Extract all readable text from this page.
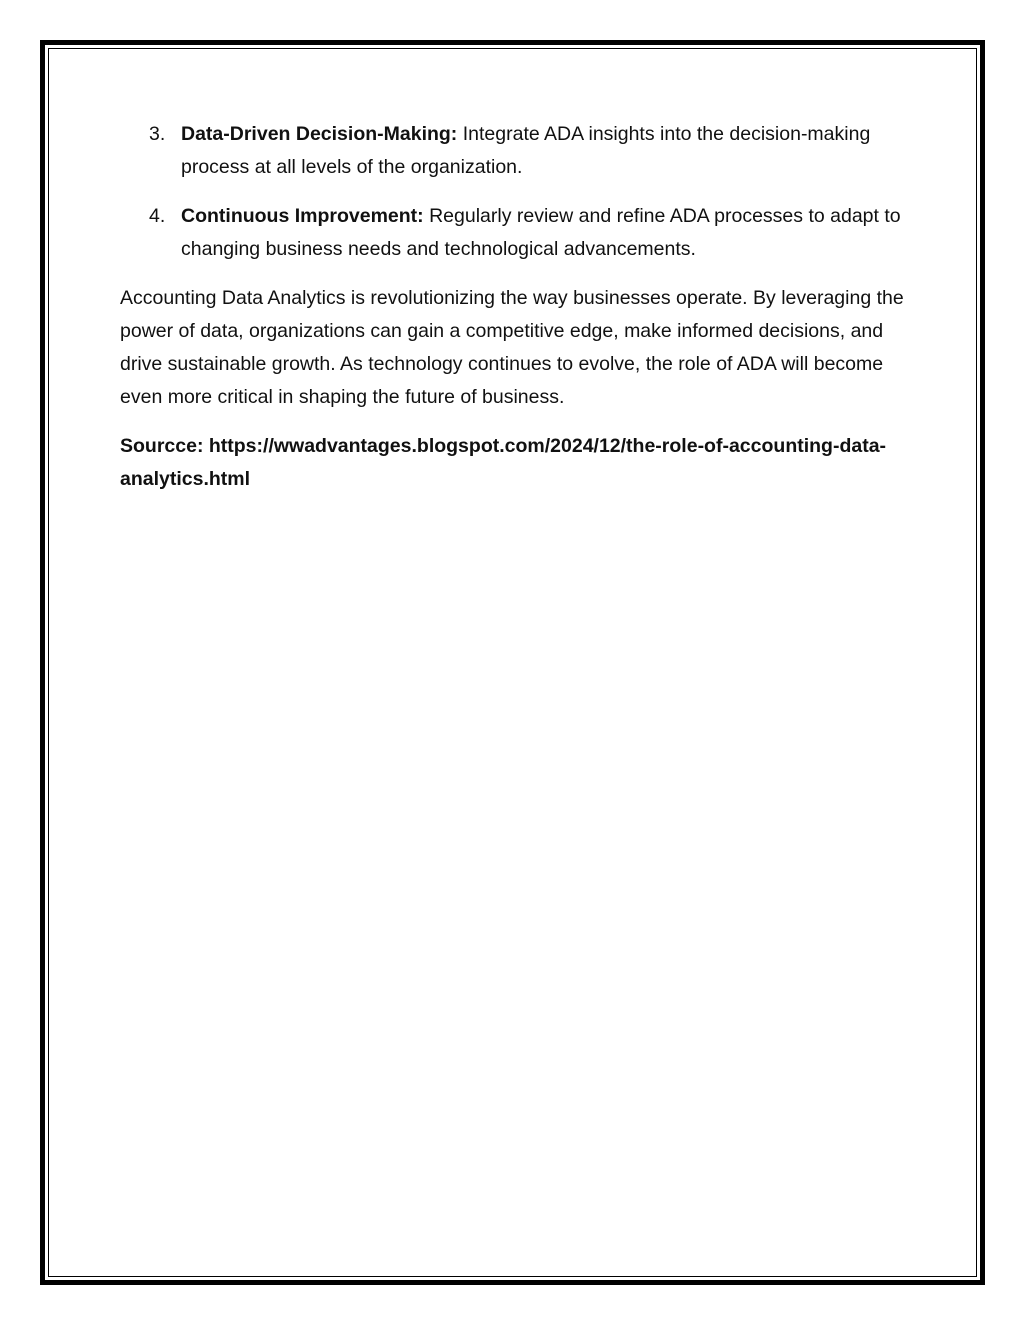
3. Data-Driven Decision-Making: Integrate ADA insights into the decision-making process at all levels of the organization.
4. Continuous Improvement: Regularly review and refine ADA processes to adapt to changing business needs and technological advancements.

Accounting Data Analytics is revolutionizing the way businesses operate. By leveraging the power of data, organizations can gain a competitive edge, make informed decisions, and drive sustainable growth. As technology continues to evolve, the role of ADA will become even more critical in shaping the future of business.

Sourcce: https://wwadvantages.blogspot.com/2024/12/the-role-of-accounting-data-analytics.html
